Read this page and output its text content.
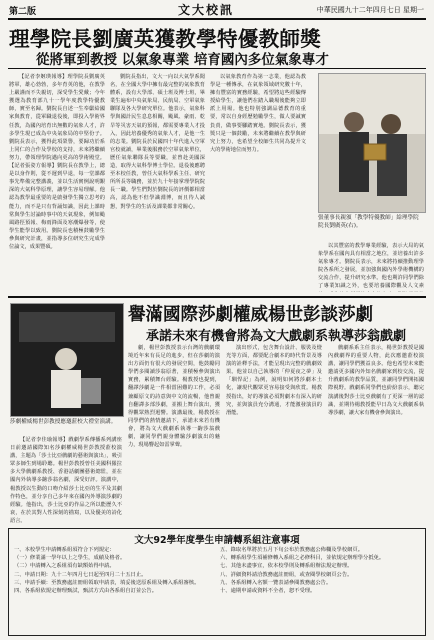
第二版	文大校訊	中華民國九十二年四月七日 星期一
理學院長劉廣英獲教學特優教師獎
從將軍到教授 以氣象專業 培育國內多位氣象專才

【記者李姬瑛報導】理學院長劉廣英將軍，雄心勃勃，多年育英的他，在教學上嚴謹而不失親切，深受學生愛戴；今年獲選為教育部九十一學年度教學特優教師，實至名歸。劉院長自述一生奉獻給國家與教育，從軍職退役後，即投入學術界任教，為國內培育出無數的氣象人才，許多學生現已成為中央氣象局的中堅份子。劉院長表示，獲得此項榮譽，要歸功於系上同仁的合作及學校的支持，未來將繼續努力，帶領理學院邁向更高的學術殿堂。【記者張姿方報導】劉院長在教學上，總是以身作則，從不遲到早退，每一堂課都事先準備完整講義，並以生活實例說明艱深的大氣科學原理，讓學生容易理解。他認為教學最重要的是啟發學生獨立思考的能力，而不是只有背誦知識，因此上課時常與學生討論時事中的天氣現象，例如颱風路徑預報、梅雨鋒面及寒潮爆發等，使學生能學以致用。劉院長也積極鼓勵學生參與研究計畫，並指導多位研究生完成學位論文，成果豐碩。

劉院長指出，文大一向以大氣學系聞名，在全國大學中擁有最完整的氣象教育體系，設有大學部、碩士班及博士班，畢業生遍布中央氣象局、民航局、空軍氣象聯隊及各大學研究單位。他表示，氣象科學與國計民生息息相關，颱風、豪雨、乾旱等災害天氣的預報，都需要專業人才投入，因此培養優秀的氣象人才，是他一生的志業。劉院長於民國四十年代進入空軍官校就讀，畢業後服務於空軍氣象單位，歷任氣象聯隊長等要職，並曾赴美國深造，取得大氣科學博士學位。退役後應聘至本校任教，曾任大氣科學系主任、研究所所長等職務，並於九十年接掌理學院院長一職。學生們對於劉院長的評價都相當高，認為他不但學識淵博，而且待人誠懇，對學生的生活及課業都非常關心。

以氣象教育作為第一志業，他認為教學是一種傳承，在氣象領域研究數十年，擁有豐富的實務經驗，希望將這些經驗傳授給學生，讓他們在踏入職場後能夠立即派上用場。他也特別強調品德教育的重要，常以自身經歷勉勵學生，做人要誠實負責，做事要腳踏實地。劉院長表示，獲獎只是一個鼓勵，未來將繼續在教學與研究上努力，也希望全校師生共同為提升文大的學術地位而努力。

張董事長親頒「教學特優教師」給理學院院長劉廣英(右)。

以其豐富的教學專業經驗，表示大局的氣象學系在國內具有相當之地位，並培養出許多氣象專才。劉院長表示，未來將持續推動理學院各系所之發展，並加強與國內外學術機構的交流合作，提升研究水準。他也期許同學們除了專業知識之外，也要培養國際觀及人文素

譽滿國際莎劇權威楊世彭談莎劇
承諾未來有機會將為文大戲劇系執導莎翁戲劇
莎劇權威楊世彭教授應邀蒞校大禮堂演講。

【記者李佳瑜報導】戲劇學系傳播系列講座日前邀請國際知名莎劇權威楊世彭教授蒞校演講，主題為「莎士比亞戲劇的藝術與演出」，吸引眾多師生到場聆聽。楊世彭教授曾任美國科羅拉多大學戲劇系教授、香港話劇團藝術總監，並在國內外執導多齣莎翁名劇，深受好評。演講中，楊教授以生動的口吻介紹莎士比亞的生平及其劇作特色，並分享自己多年來在國內外導演莎劇的經驗。他指出，莎士比亞的作品之所以能歷久不衰，在於其對人性深刻的描寫，以及優美的詩化語言。

劇，楊世彭教授表示台灣的戲劇環境近年來有長足的進步，但在莎劇的演出方面仍有很大的發展空間，他鼓勵同學們多閱讀莎翁原著，並積極參與演出實務，累積舞台經驗。楊教授也提到，翻譯莎劇是一件相當困難的工作，必須兼顧原文的詩意與中文的流暢，他曾親自翻譯多部莎劇，並搬上舞台演出，獲得觀眾熱烈迴響。演講最後，楊教授在同學們的熱情邀請下，承諾未來若有機會，將為文大戲劇系執導一齣莎翁戲劇，讓同學們親身體驗莎劇演出的魅力，現場響起如雷掌聲。

演出形式，包含舞台設計、服裝及燈光等方面，都要配合劇本的時代背景及導演的詮釋手法，才能呈現出完整的戲劇效果。他並以自己執導的「仲夏夜之夢」及「馴悍記」為例，說明如何將莎劇本土化，讓現代觀眾更容易接受與欣賞。楊教授指出，好的導演必須對劇本有深入的研究，並與演員充分溝通，才能激發演員的潛能。

戲劇系系主任表示，楊世彭教授是國內戲劇界的重要人物，此次應邀蒞校演講，讓同學們獲益良多。他也希望未來能邀請更多國內外知名戲劇家到校交流，提升戲劇系的教學品質，並讓同學們開拓國際視野。戲劇系同學們也紛紛表示，聽完演講後對莎士比亞戲劇有了更深一層的認識，並期待楊教授能早日為文大戲劇系執導莎劇，讓大家有機會參與演出。

文大92學年度學生申請轉系組注意事項
一、本校學生申請轉系組須符合下列規定：
（一）修業滿一學年以上之學生，成績及格者。
（二）申請轉入之系組須有缺額始得申請。
二、申請日期：九十二年四月七日起至四月二十五日止。
三、申請手續：至教務處註冊組領取申請表，填妥後送原系組及轉入系組審核。
四、各系組依規定辦理甄試，甄試方式由各系組自訂並公告。
五、錄取名單將於五月下旬公布於教務處公佈欄及學校網頁。
六、轉系組學生須補修轉入系組之必修科目，並依規定辦理學分抵免。
七、其他未盡事宜，依本校學則及轉系組辦法規定辦理。
八、詳細資料請洽教務處註冊組，或查閱學校網頁公告。
九、各系組轉入名額一覽表請參閱教務處公告。
十、逾期申請或資料不全者，恕不受理。
